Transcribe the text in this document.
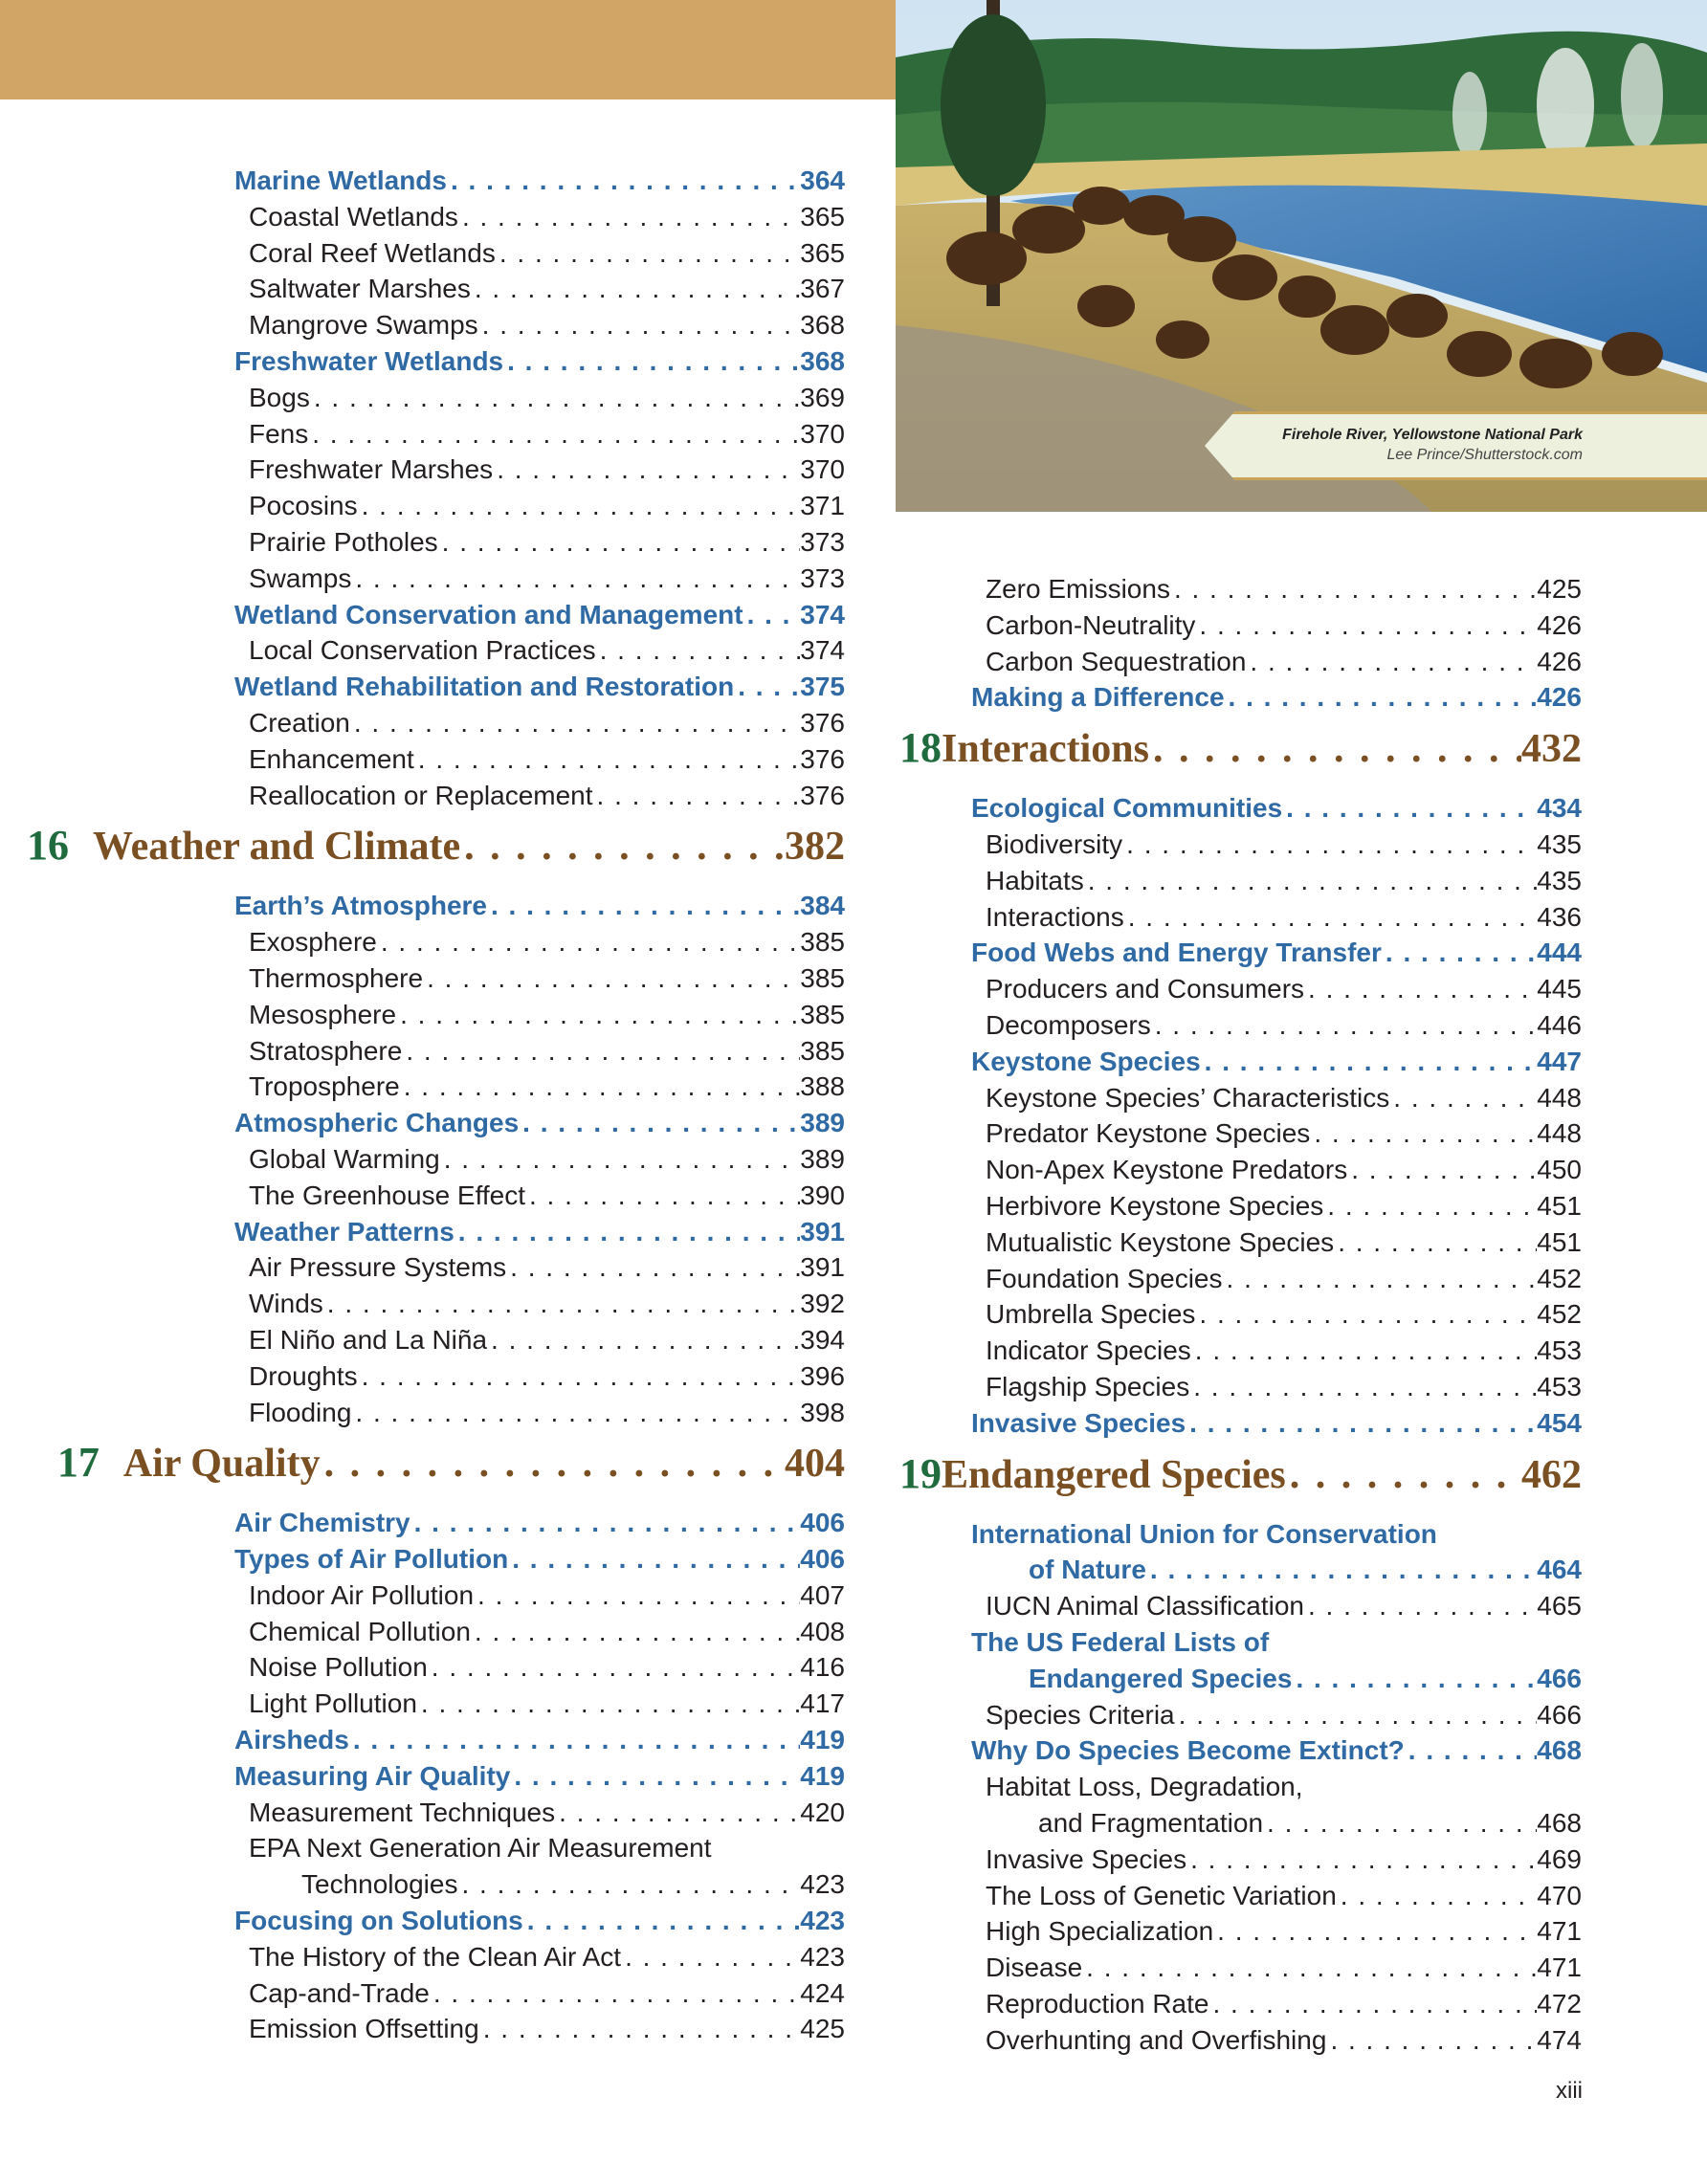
Firehole River, Yellowstone National Park
Lee Prince/Shutterstock.com
Marine Wetlands . . .	364
Coastal Wetlands . . .	365
Coral Reef Wetlands . . .	365
Saltwater Marshes . . .	367
Mangrove Swamps . . .	368
Freshwater Wetlands . . .	368
Bogs . . .	369
Fens . . .	370
Freshwater Marshes . . .	370
Pocosins . . .	371
Prairie Potholes . . .	373
Swamps . . .	373
Wetland Conservation and Management . . . 374
Local Conservation Practices . . .	374
Wetland Rehabilitation and Restoration . . . 375
Creation . . .	376
Enhancement . . .	376
Reallocation or Replacement . . .	376
16 Weather and Climate . . .	382
Earth’s Atmosphere . . .	384
Exosphere . . .	385
Thermosphere . . .	385
Mesosphere . . .	385
Stratosphere . . .	385
Troposphere . . .	388
Atmospheric Changes . . .	389
Global Warming . . .	389
The Greenhouse Effect . . .	390
Weather Patterns . . .	391
Air Pressure Systems . . .	391
Winds . . .	392
El Niño and La Niña . . .	394
Droughts . . .	396
Flooding . . .	398
17 Air Quality . . .	404
Air Chemistry . . .	406
Types of Air Pollution . . .	406
Indoor Air Pollution . . .	407
Chemical Pollution . . .	408
Noise Pollution . . .	416
Light Pollution . . .	417
Airsheds . . .	419
Measuring Air Quality . . .	419
Measurement Techniques . . .	420
EPA Next Generation Air Measurement
Technologies . . .	423
Focusing on Solutions . . .	423
The History of the Clean Air Act . . .	423
Cap-and-Trade . . .	424
Emission Offsetting . . .	425
Zero Emissions . . .	425
Carbon-Neutrality . . .	426
Carbon Sequestration . . .	426
Making a Difference . . .	426
18 Interactions . . .	432
Ecological Communities . . .	434
Biodiversity . . .	435
Habitats . . .	435
Interactions . . .	436
Food Webs and Energy Transfer . . .	444
Producers and Consumers . . .	445
Decomposers . . .	446
Keystone Species . . .	447
Keystone Species’ Characteristics . . .	448
Predator Keystone Species . . .	448
Non-Apex Keystone Predators . . .	450
Herbivore Keystone Species . . .	451
Mutualistic Keystone Species . . .	451
Foundation Species . . .	452
Umbrella Species . . .	452
Indicator Species . . .	453
Flagship Species . . .	453
Invasive Species . . .	454
19 Endangered Species . . .	462
International Union for Conservation
of Nature . . .	464
IUCN Animal Classification . . .	465
The US Federal Lists of
Endangered Species . . .	466
Species Criteria . . .	466
Why Do Species Become Extinct? . . .	468
Habitat Loss, Degradation,
and Fragmentation . . .	468
Invasive Species . . .	469
The Loss of Genetic Variation . . .	470
High Specialization . . .	471
Disease . . .	471
Reproduction Rate . . .	472
Overhunting and Overfishing . . .	474
xiii
